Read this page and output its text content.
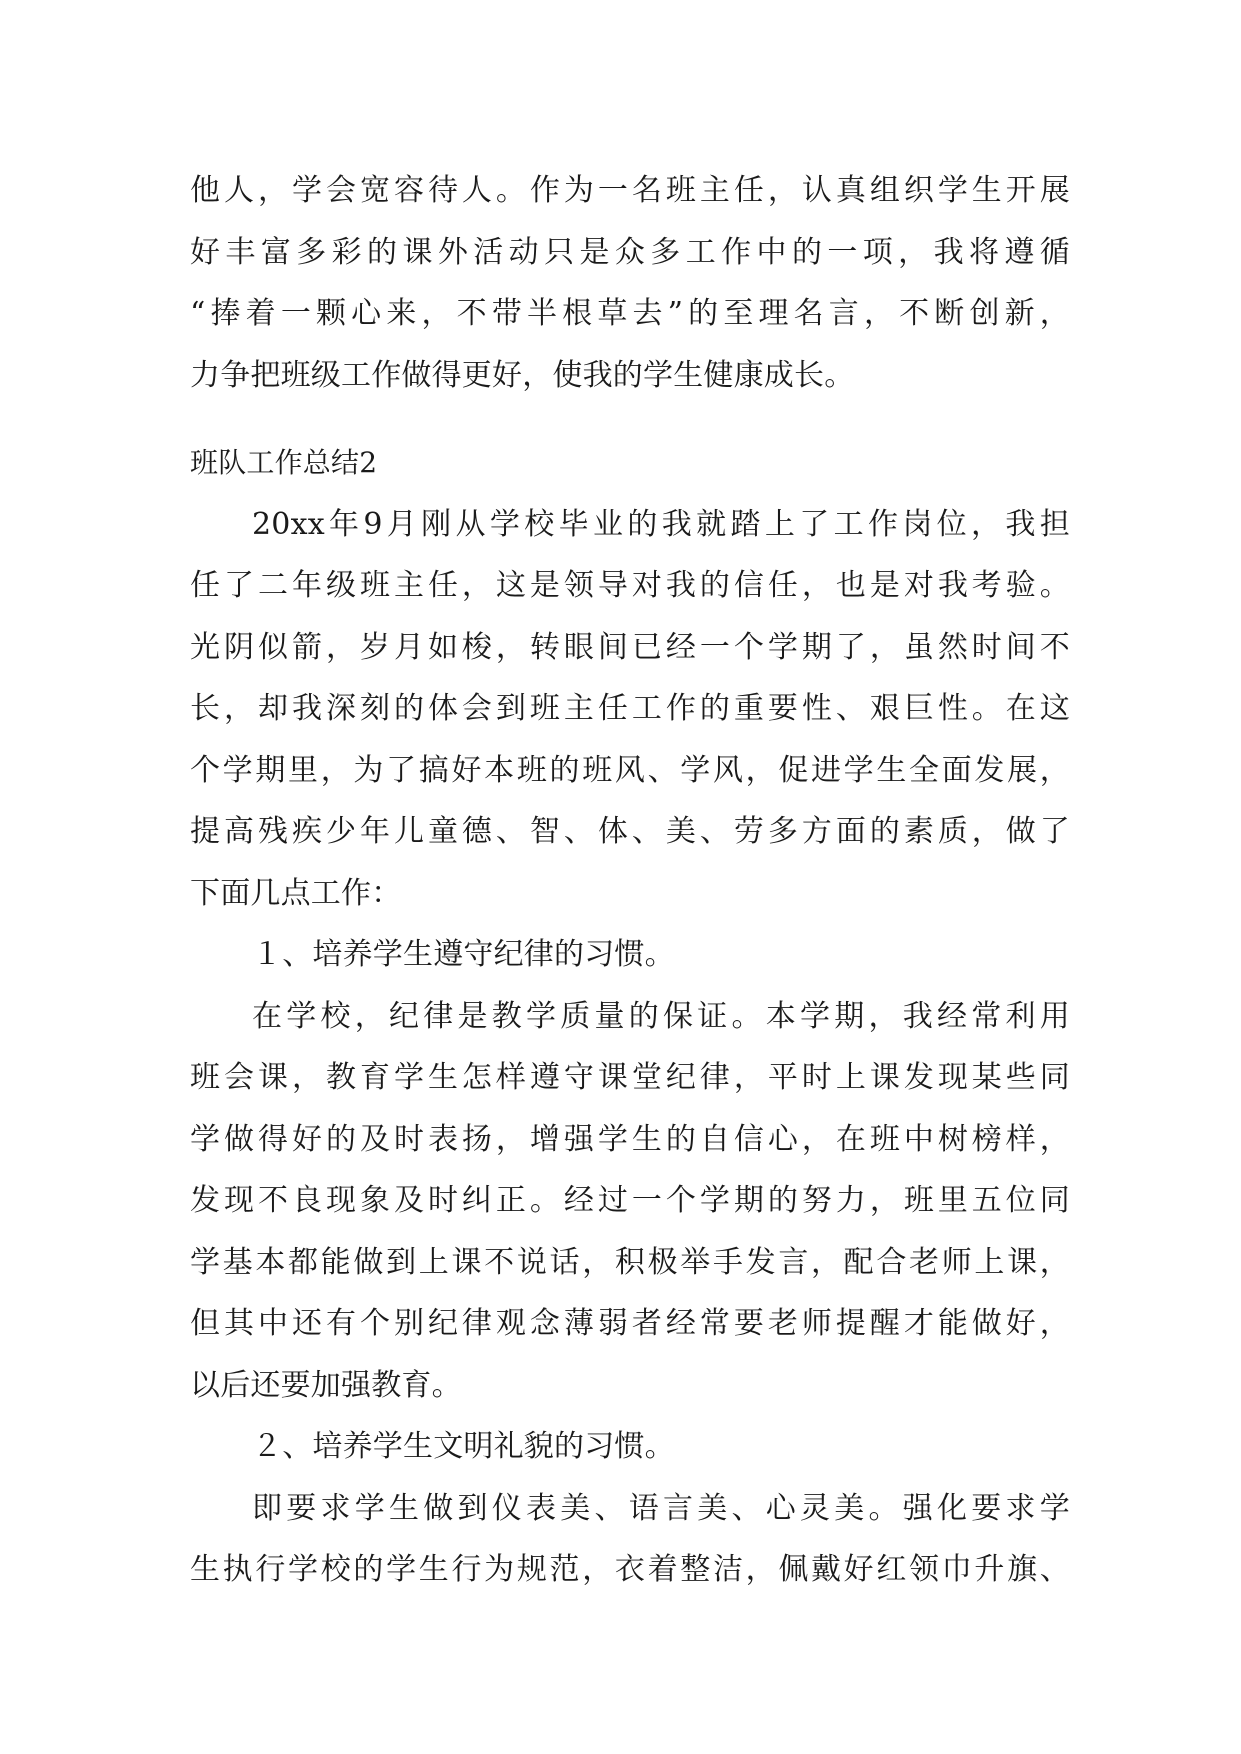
他人，学会宽容待人。作为一名班主任，认真组织学生开展
好丰富多彩的课外活动只是众多工作中的一项，我将遵循
“捧着一颗心来，不带半根草去”的至理名言，不断创新，
力争把班级工作做得更好，使我的学生健康成长。
班队工作总结2
20xx年9月刚从学校毕业的我就踏上了工作岗位，我担
任了二年级班主任，这是领导对我的信任，也是对我考验。
光阴似箭，岁月如梭，转眼间已经一个学期了，虽然时间不
长，却我深刻的体会到班主任工作的重要性、艰巨性。在这
个学期里，为了搞好本班的班风、学风，促进学生全面发展，
提高残疾少年儿童德、智、体、美、劳多方面的素质，做了
下面几点工作：
１、培养学生遵守纪律的习惯。
在学校，纪律是教学质量的保证。本学期，我经常利用
班会课，教育学生怎样遵守课堂纪律，平时上课发现某些同
学做得好的及时表扬，增强学生的自信心，在班中树榜样，
发现不良现象及时纠正。经过一个学期的努力，班里五位同
学基本都能做到上课不说话，积极举手发言，配合老师上课，
但其中还有个别纪律观念薄弱者经常要老师提醒才能做好，
以后还要加强教育。
２、培养学生文明礼貌的习惯。
即要求学生做到仪表美、语言美、心灵美。强化要求学
生执行学校的学生行为规范，衣着整洁，佩戴好红领巾升旗、
